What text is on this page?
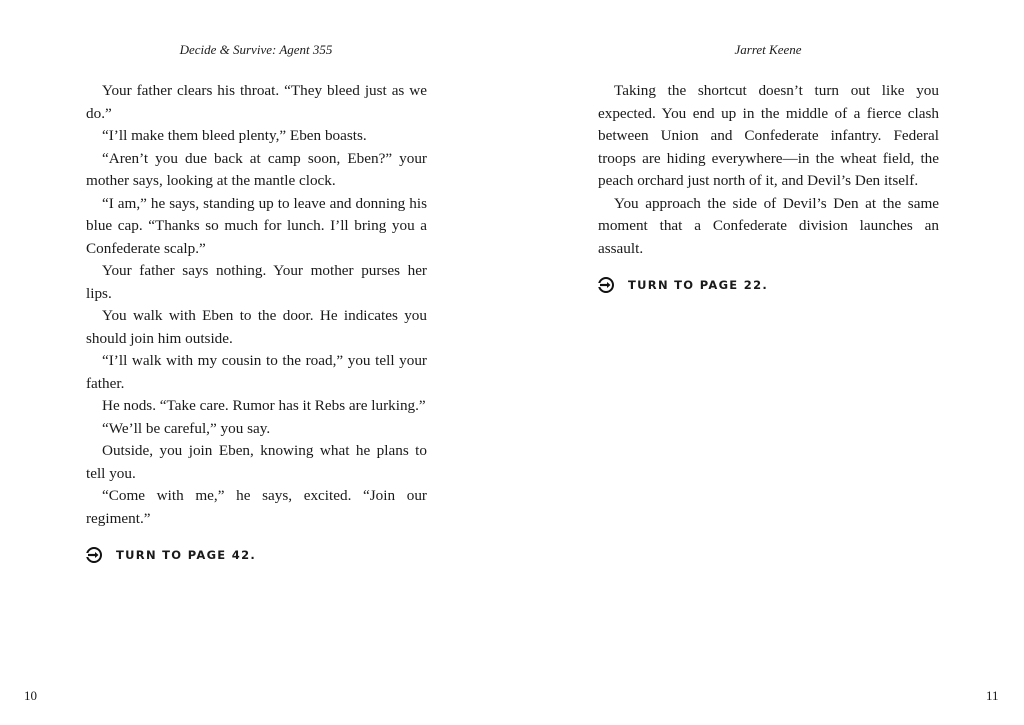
Decide & Survive: Agent 355

Your father clears his throat. “They bleed just as we do.”

“I’ll make them bleed plenty,” Eben boasts.

“Aren’t you due back at camp soon, Eben?” your mother says, looking at the mantle clock.

“I am,” he says, standing up to leave and donning his blue cap. “Thanks so much for lunch. I’ll bring you a Confederate scalp.”

Your father says nothing. Your mother purses her lips.

You walk with Eben to the door. He indicates you should join him outside.

“I’ll walk with my cousin to the road,” you tell your father.

He nods. “Take care. Rumor has it Rebs are lurking.”

“We’ll be careful,” you say.

Outside, you join Eben, knowing what he plans to tell you.

“Come with me,” he says, excited. “Join our regiment.”

TURN TO PAGE 42.
10
Jarret Keene

Taking the shortcut doesn’t turn out like you expected. You end up in the middle of a fierce clash between Union and Confederate infantry. Federal troops are hiding everywhere—in the wheat field, the peach orchard just north of it, and Devil’s Den itself.

You approach the side of Devil’s Den at the same moment that a Confederate division launches an assault.

TURN TO PAGE 22.
11
